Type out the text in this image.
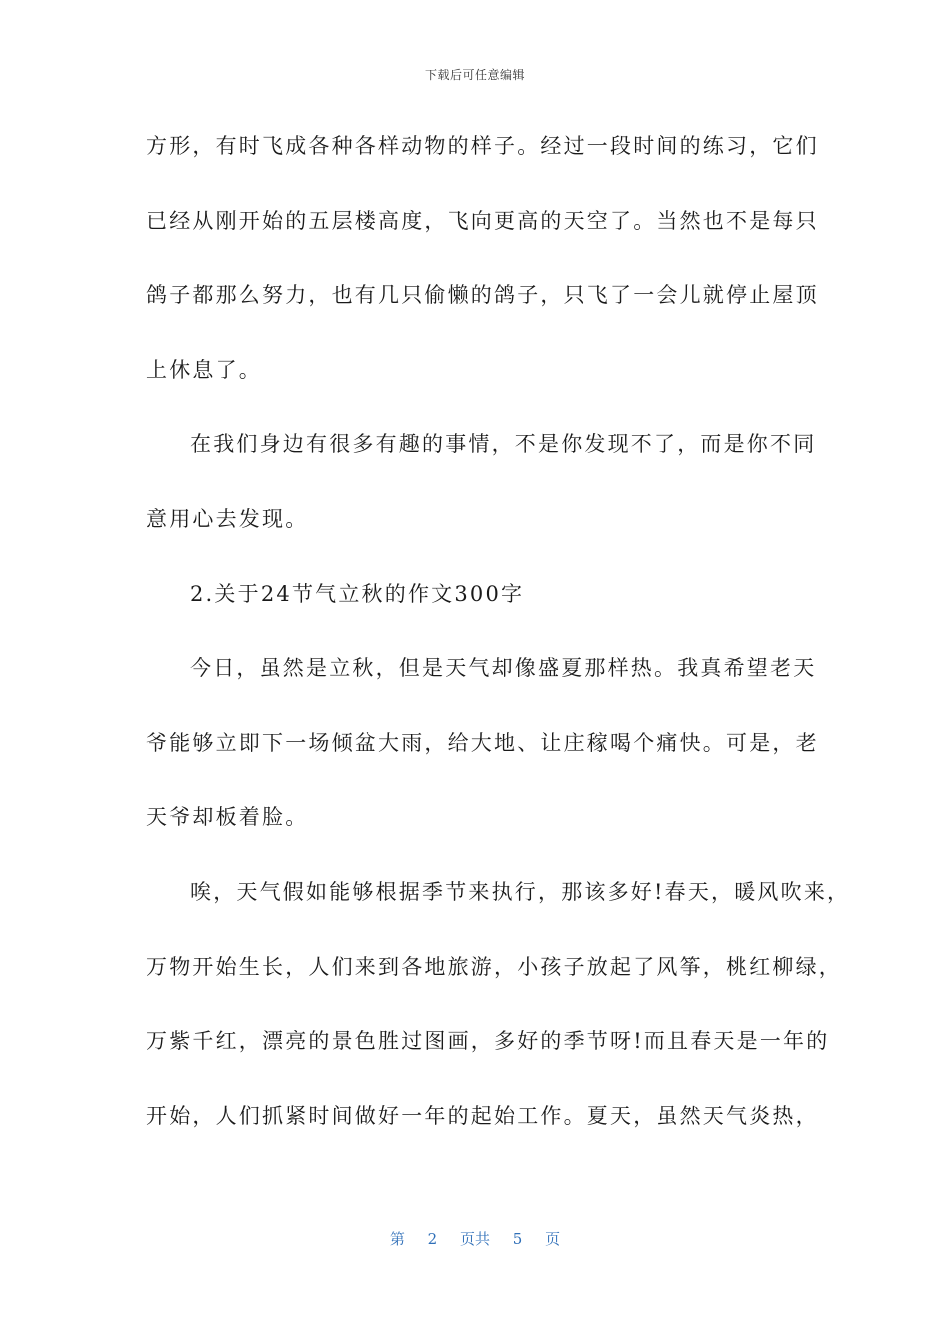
下载后可任意编辑
方形，有时飞成各种各样动物的样子。经过一段时间的练习，它们
已经从刚开始的五层楼高度，飞向更高的天空了。当然也不是每只
鸽子都那么努力，也有几只偷懒的鸽子，只飞了一会儿就停止屋顶
上休息了。
在我们身边有很多有趣的事情，不是你发现不了，而是你不同
意用心去发现。
2.关于24节气立秋的作文300字
今日，虽然是立秋，但是天气却像盛夏那样热。我真希望老天
爷能够立即下一场倾盆大雨，给大地、让庄稼喝个痛快。可是，老
天爷却板着脸。
唉，天气假如能够根据季节来执行，那该多好!春天，暖风吹来，
万物开始生长，人们来到各地旅游，小孩子放起了风筝，桃红柳绿，
万紫千红，漂亮的景色胜过图画，多好的季节呀!而且春天是一年的
开始，人们抓紧时间做好一年的起始工作。夏天，虽然天气炎热，
第 2 页共 5 页
